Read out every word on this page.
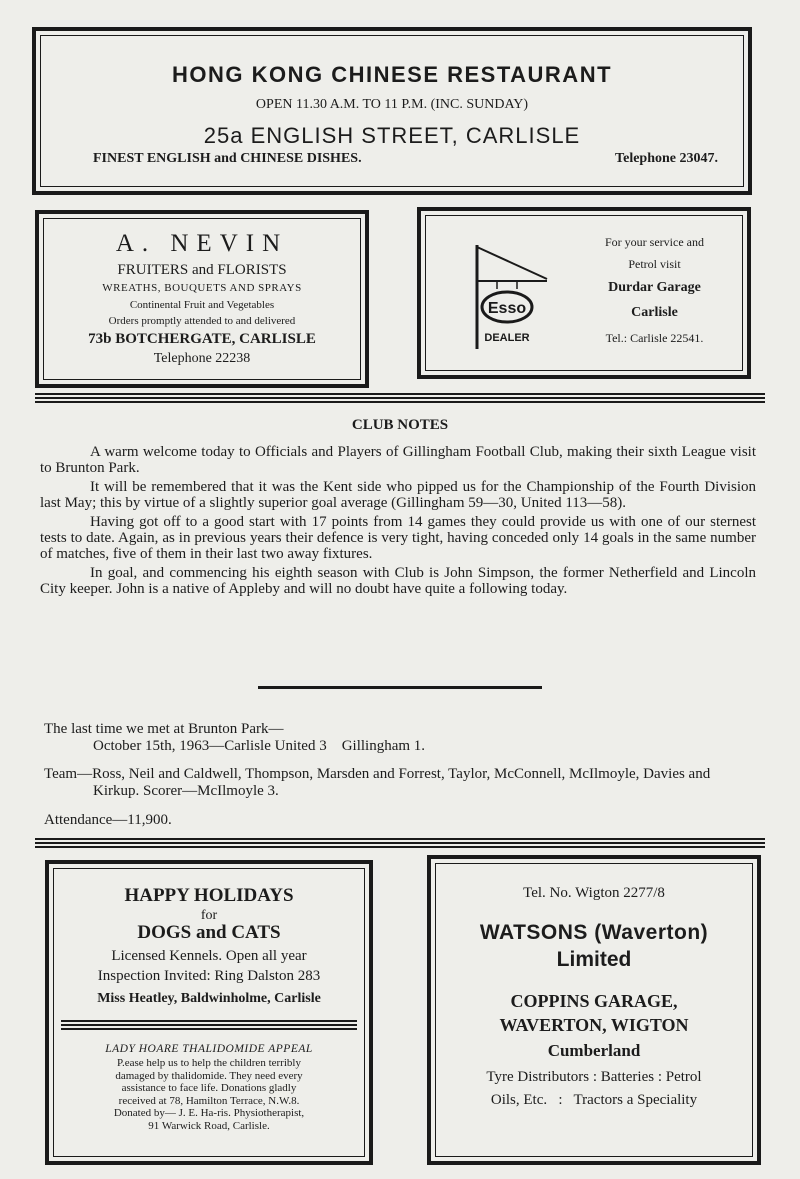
HONG KONG CHINESE RESTAURANT
OPEN 11.30 A.M. TO 11 P.M. (INC. SUNDAY)
25a ENGLISH STREET, CARLISLE
FINEST ENGLISH and CHINESE DISHES.	Telephone 23047.
A. NEVIN
FRUITERS and FLORISTS
WREATHS, BOUQUETS AND SPRAYS
Continental Fruit and Vegetables
Orders promptly attended to and delivered
73b BOTCHERGATE, CARLISLE
Telephone 22238
Esso
DEALER
For your service and
Petrol visit
Durdar Garage
Carlisle
Tel.: Carlisle 22541.
CLUB NOTES

A warm welcome today to Officials and Players of Gillingham Football Club, making their sixth League visit to Brunton Park.

It will be remembered that it was the Kent side who pipped us for the Championship of the Fourth Division last May; this by virtue of a slightly superior goal average (Gillingham 59—30, United 113—58).

Having got off to a good start with 17 points from 14 games they could provide us with one of our sternest tests to date. Again, as in previous years their defence is very tight, having conceded only 14 goals in the same number of matches, five of them in their last two away fixtures.

In goal, and commencing his eighth season with Club is John Simpson, the former Netherfield and Lincoln City keeper. John is a native of Appleby and will no doubt have quite a following today.

The last time we met at Brunton Park—
October 15th, 1963—Carlisle United 3    Gillingham 1.
Team—Ross, Neil and Caldwell, Thompson, Marsden and Forrest, Taylor, McConnell, McIlmoyle, Davies and Kirkup. Scorer—McIlmoyle 3.
Attendance—11,900.
HAPPY HOLIDAYS
for
DOGS and CATS
Licensed Kennels. Open all year
Inspection Invited: Ring Dalston 283
Miss Heatley, Baldwinholme, Carlisle
LADY HOARE THALIDOMIDE APPEAL
P.ease help us to help the children terribly
damaged by thalidomide. They need every
assistance to face life. Donations gladly
received at 78, Hamilton Terrace, N.W.8.
Donated by— J. E. Ha-ris. Physiotherapist,
91 Warwick Road, Carlisle.
Tel. No. Wigton 2277/8
WATSONS (Waverton)
Limited
COPPINS GARAGE,
WAVERTON, WIGTON
Cumberland
Tyre Distributors : Batteries : Petrol
Oils, Etc.   :   Tractors a Speciality
